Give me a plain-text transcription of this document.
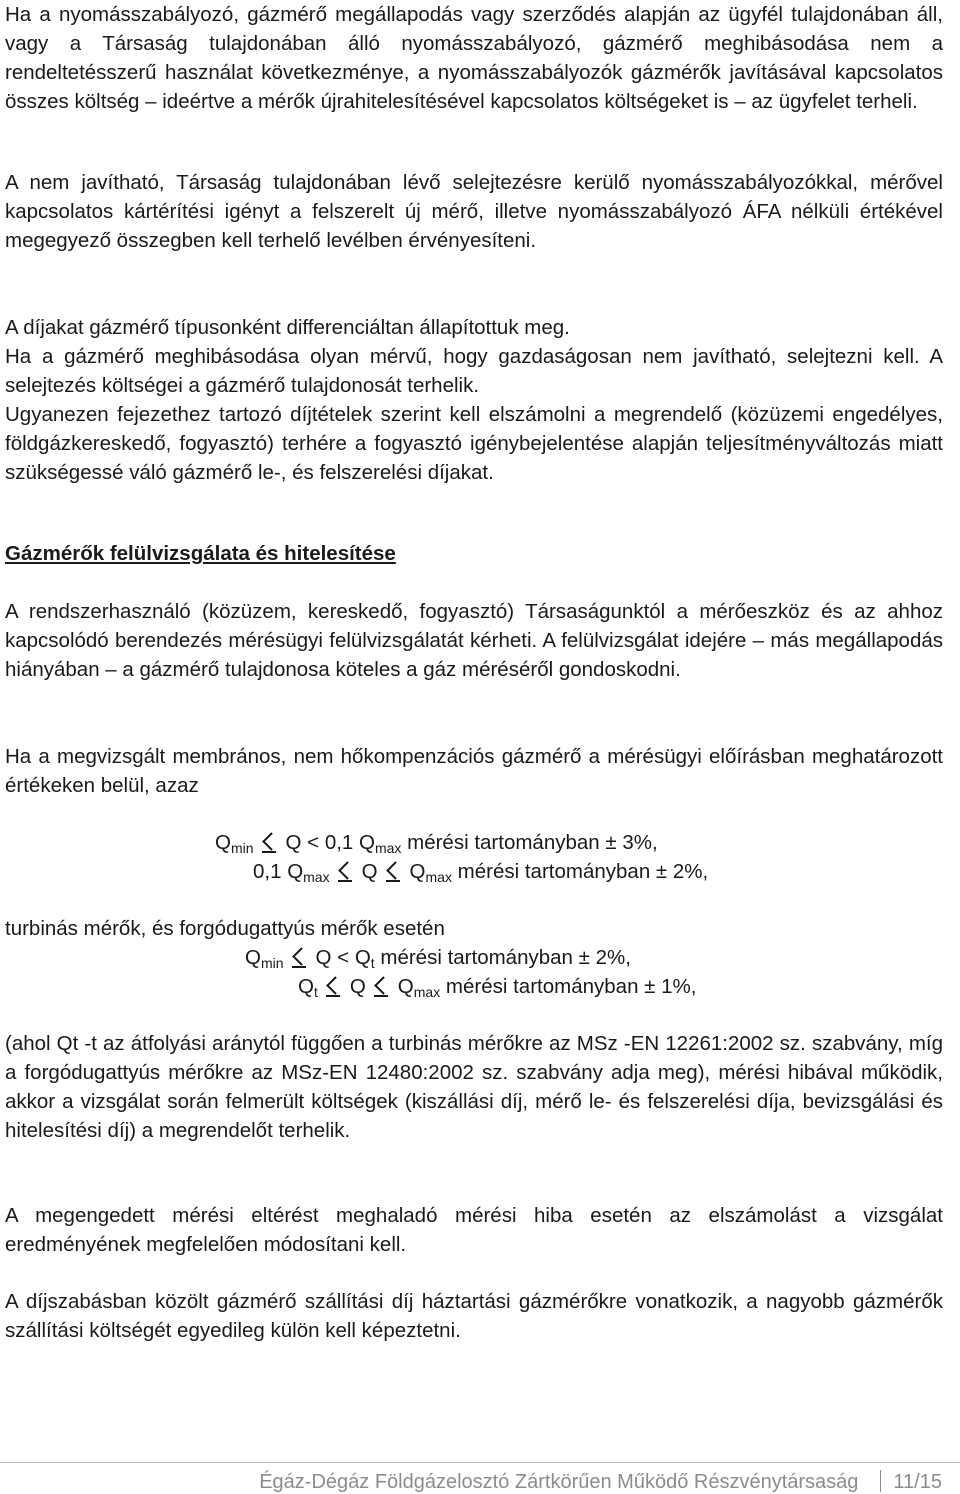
Ha a nyomásszabályozó, gázmérő megállapodás vagy szerződés alapján az ügyfél tulajdonában áll, vagy a Társaság tulajdonában álló nyomásszabályozó, gázmérő meghibásodása nem a rendeltetésszerű használat következménye, a nyomásszabályozók gázmérők javításával kapcsolatos összes költség – ideértve a mérők újrahitelesítésével kapcsolatos költségeket is – az ügyfelet terheli.

A nem javítható, Társaság tulajdonában lévő selejtezésre kerülő nyomásszabályozókkal, mérővel kapcsolatos kártérítési igényt a felszerelt új mérő, illetve nyomásszabályozó ÁFA nélküli értékével megegyező összegben kell terhelő levélben érvényesíteni.

A díjakat gázmérő típusonként differenciáltan állapítottuk meg.

Ha a gázmérő meghibásodása olyan mérvű, hogy gazdaságosan nem javítható, selejtezni kell. A selejtezés költségei a gázmérő tulajdonosát terhelik.

Ugyanezen fejezethez tartozó díjtételek szerint kell elszámolni a megrendelő (közüzemi engedélyes, földgázkereskedő, fogyasztó) terhére a fogyasztó igénybejelentése alapján teljesítményváltozás miatt szükségessé váló gázmérő le-, és felszerelési díjakat.

Gázmérők felülvizsgálata és hitelesítése

A rendszerhasználó (közüzem, kereskedő, fogyasztó) Társaságunktól a mérőeszköz és az ahhoz kapcsolódó berendezés mérésügyi felülvizsgálatát kérheti. A felülvizsgálat idejére – más megállapodás hiányában – a gázmérő tulajdonosa köteles a gáz méréséről gondoskodni.

Ha a megvizsgált membrános, nem hőkompenzációs gázmérő a mérésügyi előírásban meghatározott értékeken belül, azaz

$Q_{min}$ Q < 0,1 $Q_{max}$ mérési tartományban ± 3%,
0,1 $Q_{max}$ Q $Q_{max}$ mérési tartományban ± 2%,

turbinás mérők, és forgódugattyús mérők esetén

$Q_{min}$ $Q < Q_t$ mérési tartományban ± 2%,
$Q_t$ Q $Q_{max}$ mérési tartományban ± 1%,

(ahol Qt -t az átfolyási aránytól függően a turbinás mérőkre az MSz -EN 12261:2002 sz. szabvány, míg a forgódugattyús mérőkre az MSz-EN 12480:2002 sz. szabvány adja meg), mérési hibával működik, akkor a vizsgálat során felmerült költségek (kiszállási díj, mérő le- és felszerelési díja, bevizsgálási és hitelesítési díj) a megrendelőt terhelik.

A megengedett mérési eltérést meghaladó mérési hiba esetén az elszámolást a vizsgálat eredményének megfelelően módosítani kell.

A díjszabásban közölt gázmérő szállítási díj háztartási gázmérőkre vonatkozik, a nagyobb gázmérők szállítási költségét egyedileg külön kell képeztetni.

Égáz-Dégáz Földgázelosztó Zártkörűen Működő Részvénytársaság 11/15
